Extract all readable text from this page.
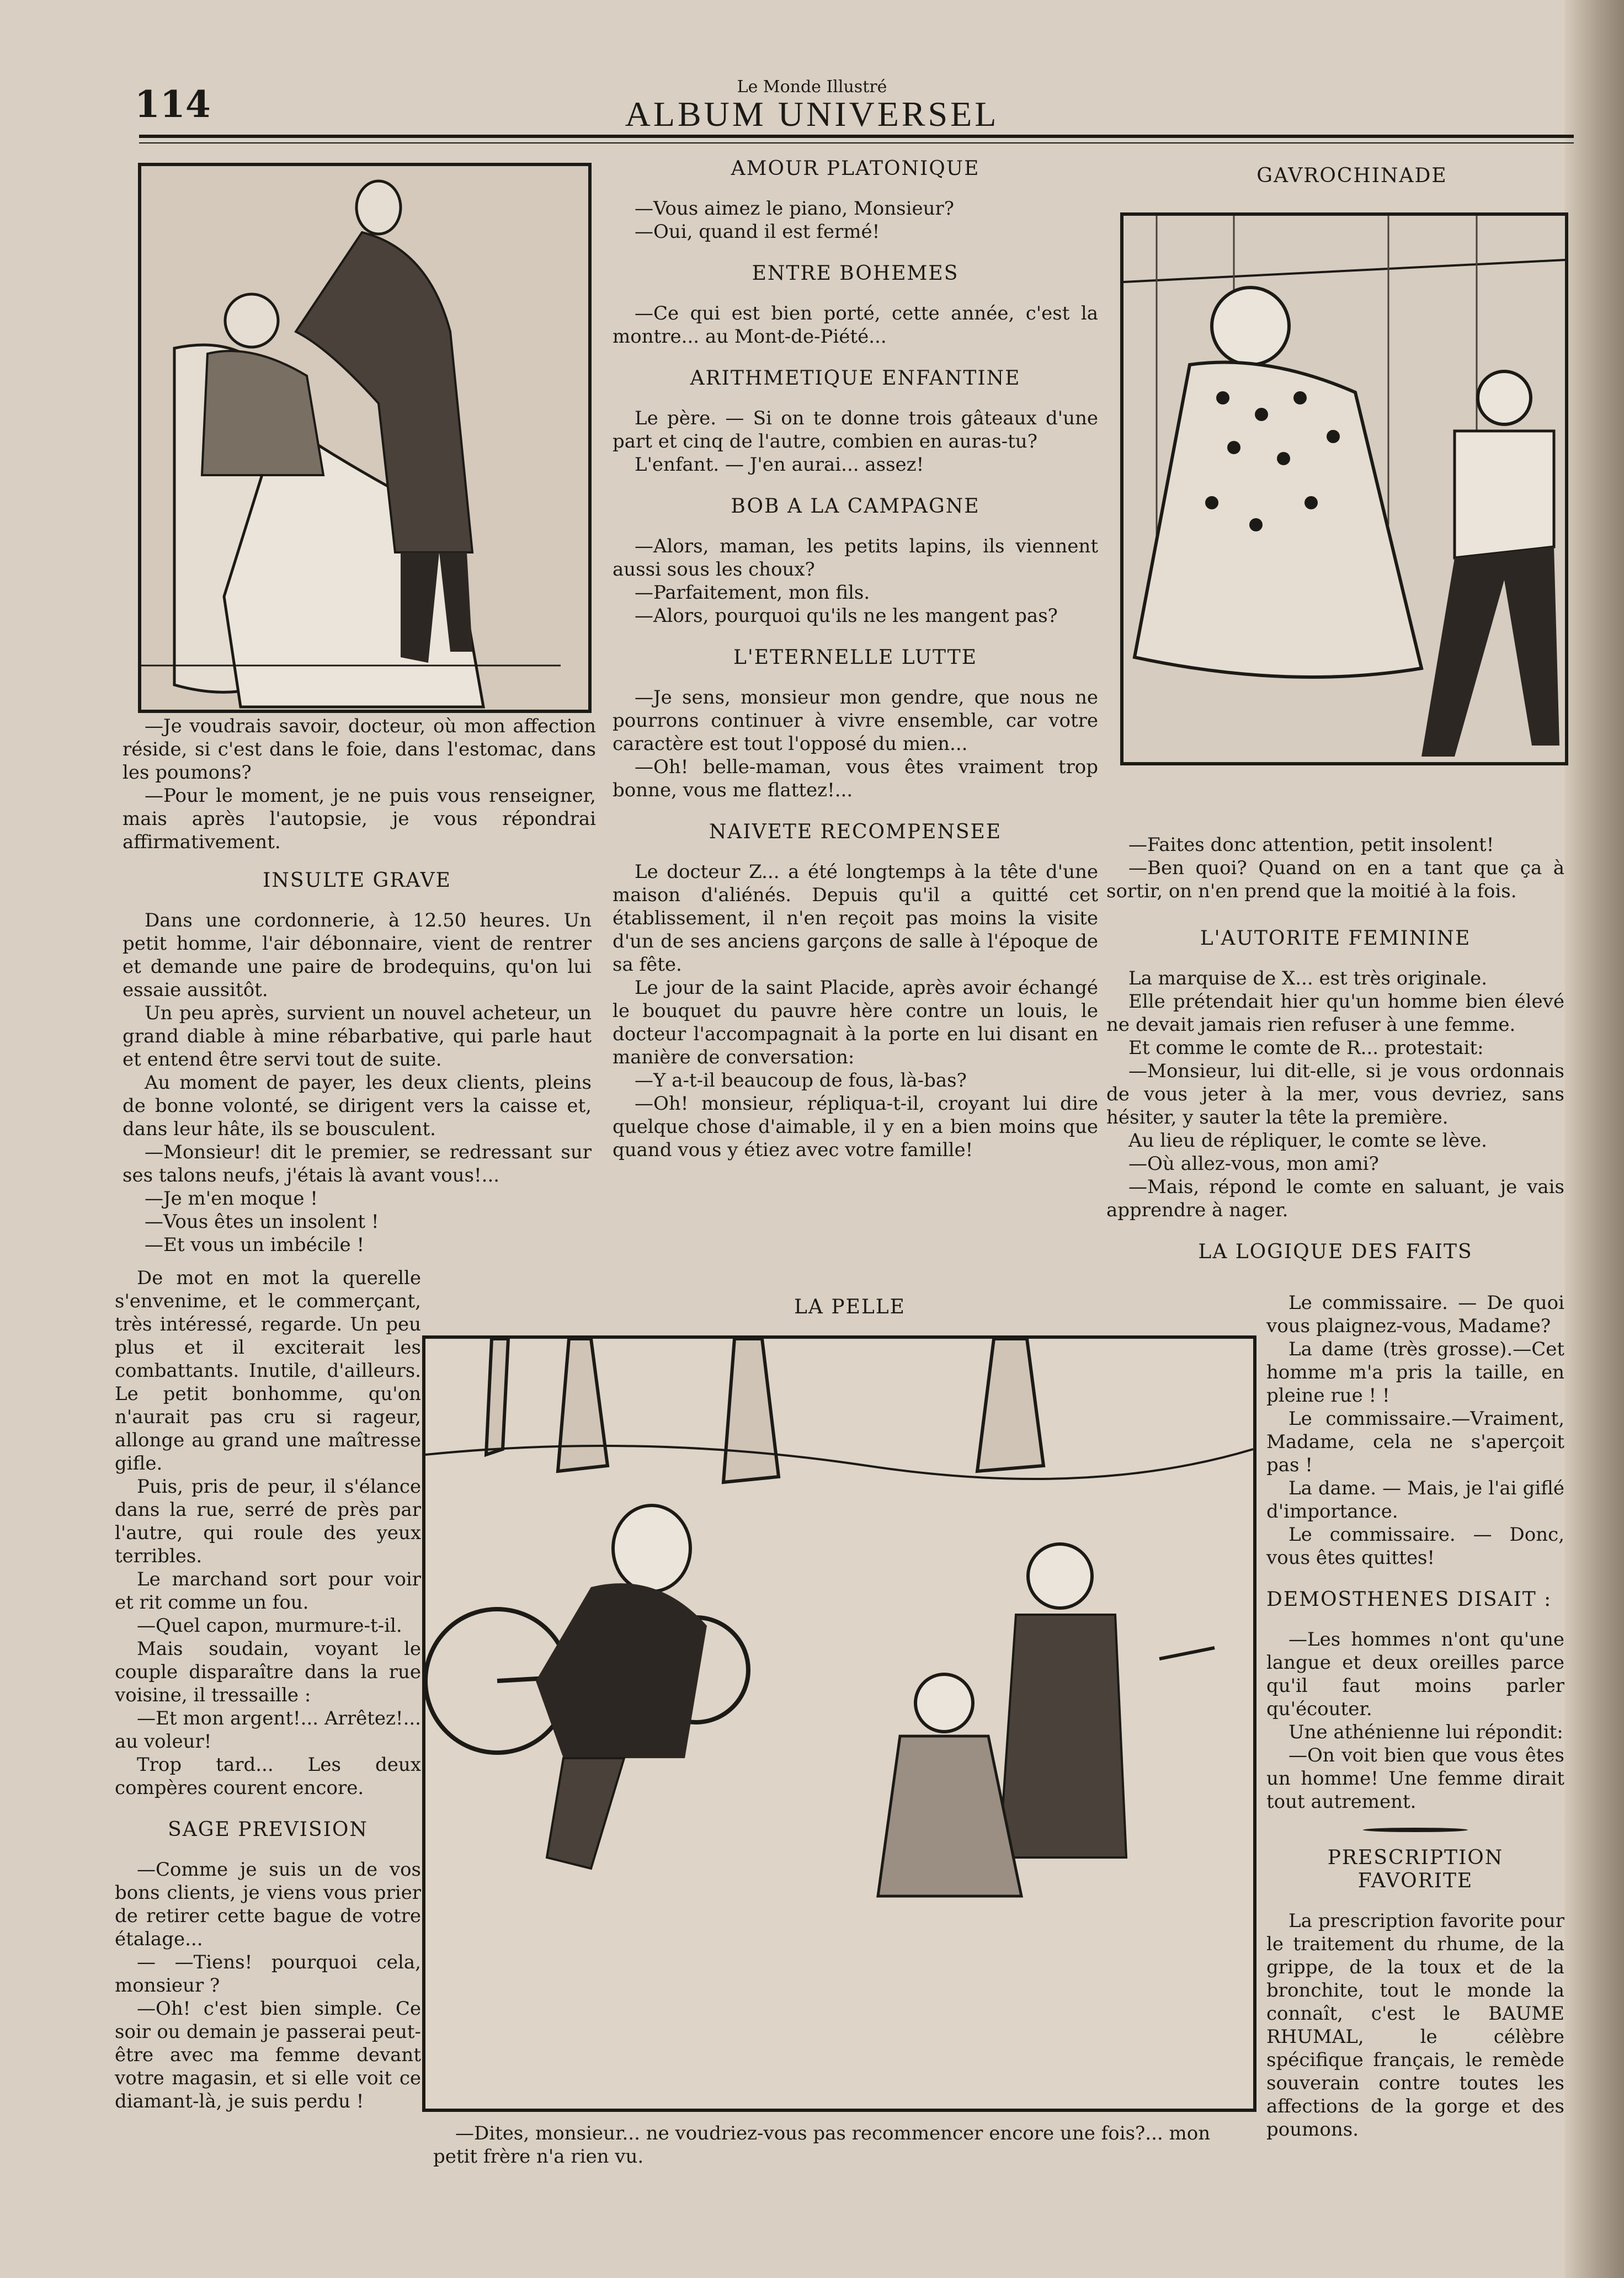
114	Le Monde Illustré
ALBUM UNIVERSEL

—Je voudrais savoir, docteur, où mon affection réside, si c'est dans le foie, dans l'estomac, dans les poumons?

—Pour le moment, je ne puis vous renseigner, mais après l'autopsie, je vous répondrai affirmativement.

INSULTE GRAVE

Dans une cordonnerie, à 12.50 heures. Un petit homme, l'air débonnaire, vient de rentrer et demande une paire de brodequins, qu'on lui essaie aussitôt.

Un peu après, survient un nouvel acheteur, un grand diable à mine rébarbative, qui parle haut et entend être servi tout de suite.

Au moment de payer, les deux clients, pleins de bonne volonté, se dirigent vers la caisse et, dans leur hâte, ils se bousculent.

—Monsieur! dit le premier, se redressant sur ses talons neufs, j'étais là avant vous!...

—Je m'en moque !

—Vous êtes un insolent !

—Et vous un imbécile !

De mot en mot la querelle s'envenime, et le commerçant, très intéressé, regarde. Un peu plus et il exciterait les combattants. Inutile, d'ailleurs. Le petit bonhomme, qu'on n'aurait pas cru si rageur, allonge au grand une maîtresse gifle.

Puis, pris de peur, il s'élance dans la rue, serré de près par l'autre, qui roule des yeux terribles.

Le marchand sort pour voir et rit comme un fou.

—Quel capon, murmure-t-il.

Mais soudain, voyant le couple disparaître dans la rue voisine, il tressaille :

—Et mon argent!... Arrêtez!... au voleur!

Trop tard... Les deux compères courent encore.

SAGE PREVISION

—Comme je suis un de vos bons clients, je viens vous prier de retirer cette bague de votre étalage...

— —Tiens! pourquoi cela, monsieur ?

—Oh! c'est bien simple. Ce soir ou demain je passerai peut-être avec ma femme devant votre magasin, et si elle voit ce diamant-là, je suis perdu !

AMOUR PLATONIQUE

—Vous aimez le piano, Monsieur?

—Oui, quand il est fermé!

ENTRE BOHEMES

—Ce qui est bien porté, cette année, c'est la montre... au Mont-de-Piété...

ARITHMETIQUE ENFANTINE

Le père. — Si on te donne trois gâteaux d'une part et cinq de l'autre, combien en auras-tu?

L'enfant. — J'en aurai... assez!

BOB A LA CAMPAGNE

—Alors, maman, les petits lapins, ils viennent aussi sous les choux?

—Parfaitement, mon fils.

—Alors, pourquoi qu'ils ne les mangent pas?

L'ETERNELLE LUTTE

—Je sens, monsieur mon gendre, que nous ne pourrons continuer à vivre ensemble, car votre caractère est tout l'opposé du mien...

—Oh! belle-maman, vous êtes vraiment trop bonne, vous me flattez!...

NAIVETE RECOMPENSEE

Le docteur Z... a été longtemps à la tête d'une maison d'aliénés. Depuis qu'il a quitté cet établissement, il n'en reçoit pas moins la visite d'un de ses anciens garçons de salle à l'époque de sa fête.

Le jour de la saint Placide, après avoir échangé le bouquet du pauvre hère contre un louis, le docteur l'accompagnait à la porte en lui disant en manière de conversation:

—Y a-t-il beaucoup de fous, là-bas?

—Oh! monsieur, répliqua-t-il, croyant lui dire quelque chose d'aimable, il y en a bien moins que quand vous y étiez avec votre famille!

LA PELLE
—Dites, monsieur... ne voudriez-vous pas recommencer encore une fois?... mon petit frère n'a rien vu.
GAVROCHINADE

—Faites donc attention, petit insolent!

—Ben quoi? Quand on en a tant que ça à sortir, on n'en prend que la moitié à la fois.

L'AUTORITE FEMININE

La marquise de X... est très originale.

Elle prétendait hier qu'un homme bien élevé ne devait jamais rien refuser à une femme.

Et comme le comte de R... protestait:

—Monsieur, lui dit-elle, si je vous ordonnais de vous jeter à la mer, vous devriez, sans hésiter, y sauter la tête la première.

Au lieu de répliquer, le comte se lève.

—Où allez-vous, mon ami?

—Mais, répond le comte en saluant, je vais apprendre à nager.

LA LOGIQUE DES FAITS

Le commissaire. — De quoi vous plaignez-vous, Madame?

La dame (très grosse).—Cet homme m'a pris la taille, en pleine rue ! !

Le commissaire.—Vraiment, Madame, cela ne s'aperçoit pas !

La dame. — Mais, je l'ai giflé d'importance.

Le commissaire. — Donc, vous êtes quittes!

DEMOSTHENES DISAIT :

—Les hommes n'ont qu'une langue et deux oreilles parce qu'il faut moins parler qu'écouter.

Une athénienne lui répondit:

—On voit bien que vous êtes un homme! Une femme dirait tout autrement.

PRESCRIPTION FAVORITE

La prescription favorite pour le traitement du rhume, de la grippe, de la toux et de la bronchite, tout le monde la connaît, c'est le BAUME RHUMAL, le célèbre spécifique français, le remède souverain contre toutes les affections de la gorge et des poumons.
